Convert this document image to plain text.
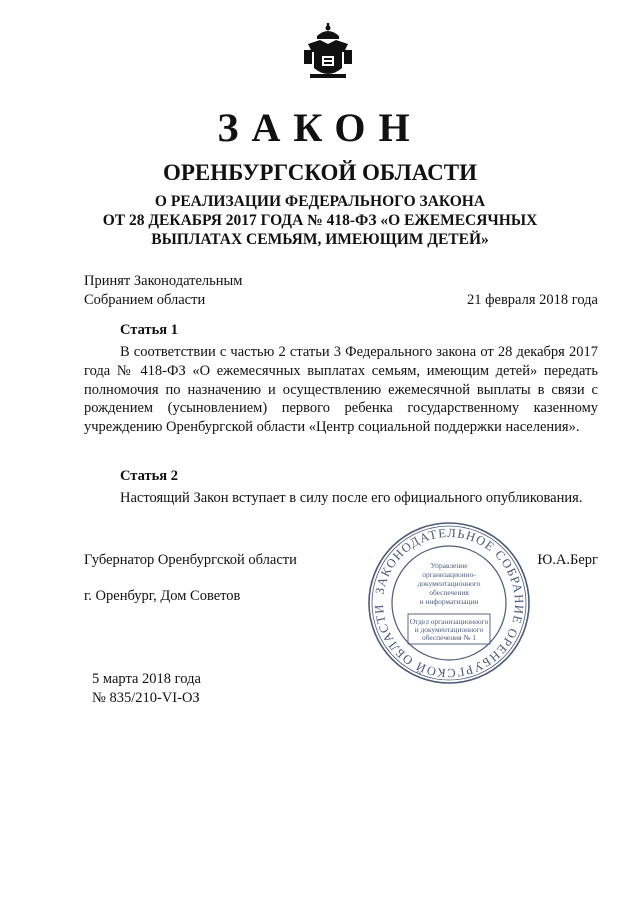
ЗАКОН
ОРЕНБУРГСКОЙ ОБЛАСТИ
О РЕАЛИЗАЦИИ ФЕДЕРАЛЬНОГО ЗАКОНА
ОТ 28 ДЕКАБРЯ 2017 ГОДА № 418-ФЗ «О ЕЖЕМЕСЯЧНЫХ
ВЫПЛАТАХ СЕМЬЯМ, ИМЕЮЩИМ ДЕТЕЙ»
Принят Законодательным
Собранием области	21 февраля 2018 года
Статья 1
В соответствии с частью 2 статьи 3 Федерального закона от 28 декабря 2017 года № 418-ФЗ «О ежемесячных выплатах семьям, имеющим детей» передать полномочия по назначению и осуществлению ежемесячной выплаты в связи с рождением (усыновлением) первого ребенка государственному казенному учреждению Оренбургской области «Центр социальной поддержки населения».
Статья 2
Настоящий Закон вступает в силу после его официального опубликования.
Губернатор Оренбургской области	Ю.А.Берг
г. Оренбург, Дом Советов
5 марта 2018 года
№ 835/210-VI-ОЗ
ЗАКОНОДАТЕЛЬНОЕ СОБРАНИЕ ОРЕНБУРГСКОЙ ОБЛАСТИ
Управление
организационно-
документационного
обеспечения
и информатизации
Отдел организационного
и документационного
обеспечения № 1
